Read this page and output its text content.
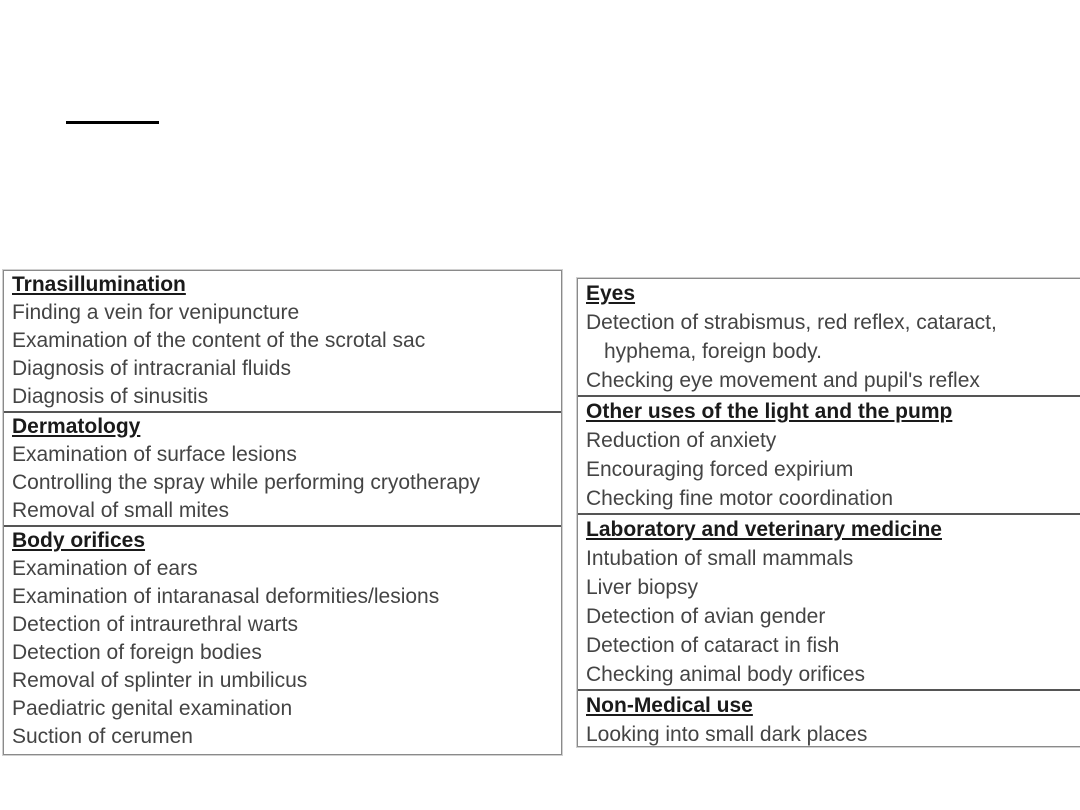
Trnasillumination
Finding a vein for venipuncture
Examination of the content of the scrotal sac
Diagnosis of intracranial fluids
Diagnosis of sinusitis
Dermatology
Examination of surface lesions
Controlling the spray while performing cryotherapy
Removal of small mites
Body orifices
Examination of ears
Examination of intaranasal deformities/lesions
Detection of intraurethral warts
Detection of foreign bodies
Removal of splinter in umbilicus
Paediatric genital examination
Suction of cerumen
Eyes
Detection of strabismus, red reflex, cataract,
hyphema, foreign body.
Checking eye movement and pupil's reflex
Other uses of the light and the pump
Reduction of anxiety
Encouraging forced expirium
Checking fine motor coordination
Laboratory and veterinary medicine
Intubation of small mammals
Liver biopsy
Detection of avian gender
Detection of cataract in fish
Checking animal body orifices
Non-Medical use
Looking into small dark places
